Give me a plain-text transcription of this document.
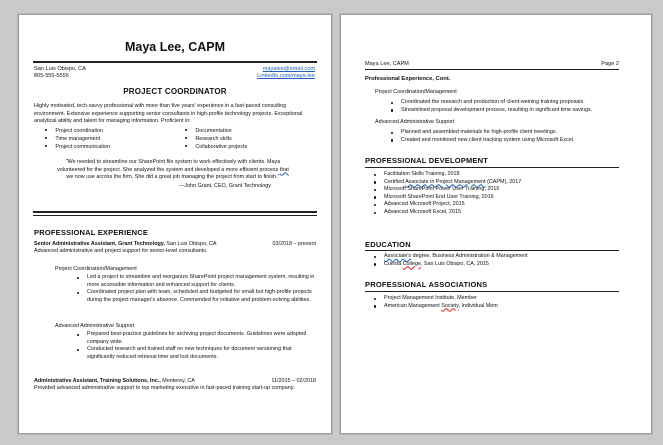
Maya Lee, CAPM
San Luis Obispo, CA
805-555-5555
mayalee@email.com
LinkedIn.com/maya-lee
PROJECT COORDINATOR
Highly motivated, tech-savvy professional with more than five years' experience in a fast-paced consulting environment. Extensive experience supporting senior consultants in high-profile technology projects. Exceptional analytical ability and talent for managing information. Proficient in:
Project coordination
Time management
Project communication
Documentation
Research skills
Collaborative projects
"We needed to streamline our SharePoint file system to work effectively with clients. Maya volunteered for the project. She analyzed the system and developed a more efficient process that we now use across the firm. She did a great job managing the project from start to finish."
—John Grant, CEO, Grant Technology
PROFESSIONAL EXPERIENCE
Senior Administrative Assistant, Grant Technology, San Luis Obispo, CA	03/2018 – present
Advanced administrative and project support for senior-level consultants.
Project Coordination/Management
Led a project to streamline and reorganize SharePoint project management system, resulting in more accessible information and enhanced support for clients.
Coordinated project plan with team, scheduled and budgeted for small but high-profile projects during the project manager's absence. Commended for initiative and problem-solving abilities.
Advanced Administrative Support
Prepared best-practice guidelines for archiving project documents. Guidelines were adopted company wide.
Conducted research and trained staff on new techniques for document versioning that significantly reduced retrieval time and lost documents.
Administrative Assistant, Training Solutions, Inc., Monterey, CA	11/2015 – 02/2018
Provided advanced administrative support to top marketing executive in fast-paced training start-up company.
Maya Lee, CAPM	Page 2
Professional Experience, Cont.
Project Coordination/Management
Coordinated the research and production of client-weining training proposals.
Streamlined proposal development process, resulting in significant time savings.
Advanced Administrative Support
Planned and assembled materials for high-profile client meetings.
Created and monitored new client tracking system using Microsoft Excel.
PROFESSIONAL DEVELOPMENT
Facilitation Skills Training, 2018
Certified Associate in Project Management (CAPM), 2017
Microsoft SharePoint Power User Training, 2016
Microsoft SharePoint End User Training, 2016
Advanced Microsoft Project, 2015
Advanced Microsoft Excel, 2015
EDUCATION
Associate's degree, Business Administration & Management
Cuesta College, San Luis Obispo, CA, 2015
PROFESSIONAL ASSOCIATIONS
Project Management Institute, Member
American Management Society, Individual Mem
